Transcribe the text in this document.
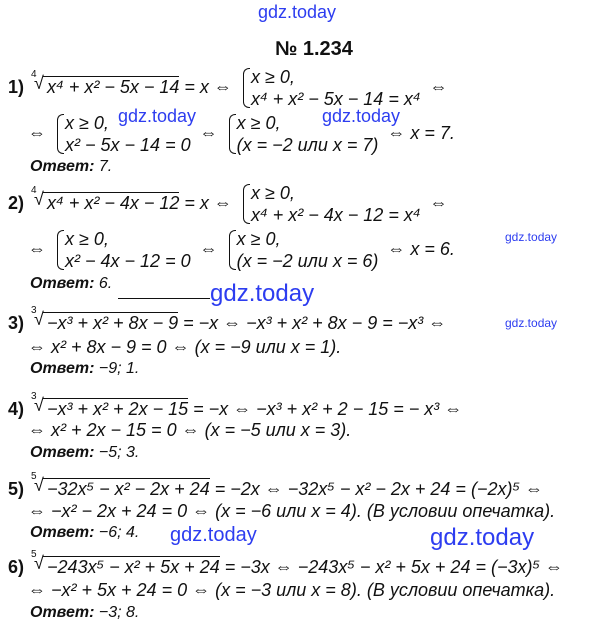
gdz.today
gdz.today	gdz.today
gdz.today
gdz.today
gdz.today
gdz.today	gdz.today
№ 1.234
1)
√ 4
x⁴ + x² − 5x − 14 = x ⇔ x ≥ 0,
x⁴ + x² − 5x − 14 = x⁴
⇔
⇔ x ≥ 0,
x² − 5x − 14 = 0
⇔ x ≥ 0,
(x = −2 или x = 7)
⇔ x = 7.
Ответ: 7.
2)
√ 4
x⁴ + x² − 4x − 12 = x ⇔ x ≥ 0,
x⁴ + x² − 4x − 12 = x⁴
⇔
⇔ x ≥ 0,
x² − 4x − 12 = 0
⇔ x ≥ 0,
(x = −2 или x = 6)
⇔ x = 6.
Ответ: 6.
3)
√ 3
−x³ + x² + 8x − 9 = −x ⇔ −x³ + x² + 8x − 9 = −x³ ⇔
⇔ x² + 8x − 9 = 0 ⇔ (x = −9 или x = 1).
Ответ: −9; 1.
4)
√ 3
−x³ + x² + 2x − 15 = −x ⇔ −x³ + x² + 2 − 15 = − x³ ⇔
⇔ x² + 2x − 15 = 0 ⇔ (x = −5 или x = 3).
Ответ: −5; 3.
5)
√ 5
−32x⁵ − x² − 2x + 24 = −2x ⇔ −32x⁵ − x² − 2x + 24 = (−2x)⁵ ⇔
⇔ −x² − 2x + 24 = 0 ⇔ (x = −6 или x = 4). (В условии опечатка).
Ответ: −6; 4.
6)
√ 5
−243x⁵ − x² + 5x + 24 = −3x ⇔ −243x⁵ − x² + 5x + 24 = (−3x)⁵ ⇔
⇔ −x² + 5x + 24 = 0 ⇔ (x = −3 или x = 8). (В условии опечатка).
Ответ: −3; 8.
